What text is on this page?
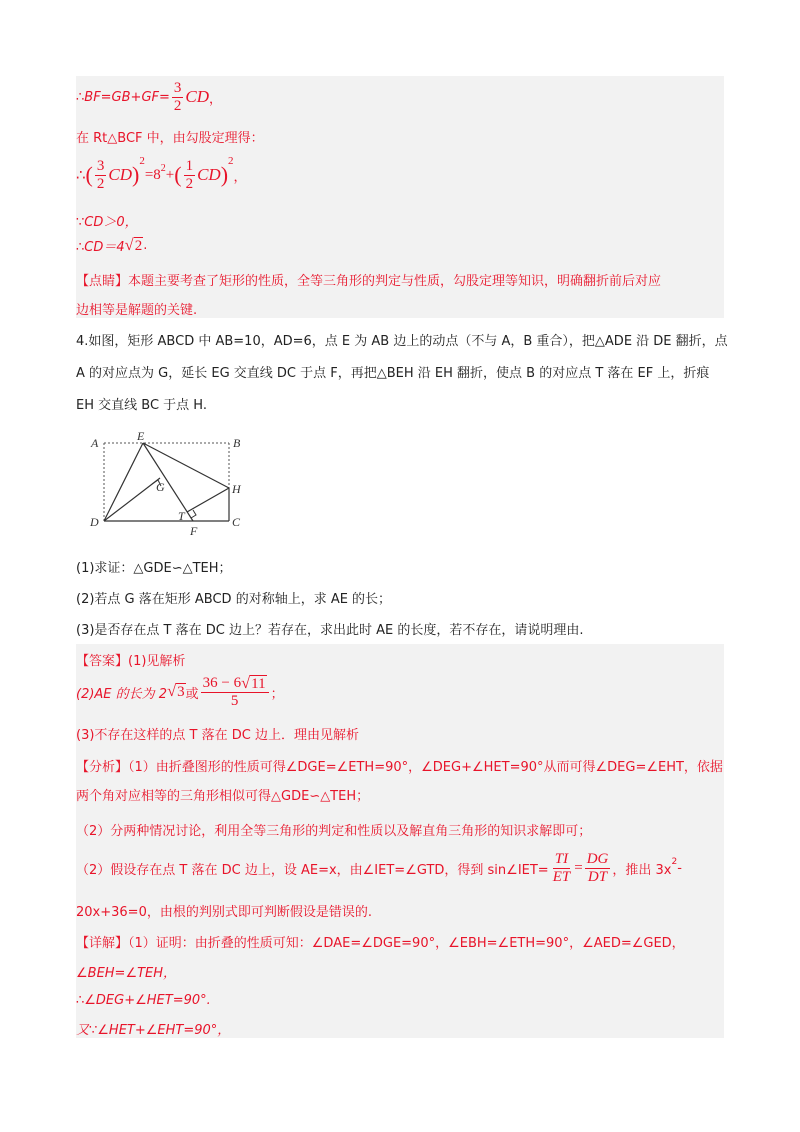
∴BF=GB+GF= $\frac{3}{2}$ CD ，
在 Rt△BCF 中，由勾股定理得：
∴ ( $\frac{3}{2}$ CD )
2
=8 2 + ( $\frac{1}{2}$ CD )
2
，
∵CD＞0，
∴CD＝4 √ 2 .
【点睛】本题主要考查了矩形的性质，全等三角形的判定与性质，勾股定理等知识，明确翻折前后对应
边相等是解题的关键.
4.如图，矩形 ABCD 中 AB=10，AD=6，点 E 为 AB 边上的动点（不与 A，B 重合），把△ADE 沿 DE 翻折，点
A 的对应点为 G，延长 EG 交直线 DC 于点 F，再把△BEH 沿 EH 翻折，使点 B 的对应点 T 落在 EF 上，折痕
EH 交直线 BC 于点 H.
A	E	B
G	H
T
D
F
C
(1)求证：△GDE∽△TEH；
(2)若点 G 落在矩形 ABCD 的对称轴上，求 AE 的长；
(3)是否存在点 T 落在 DC 边上？若存在，求出此时 AE 的长度，若不存在，请说明理由.
【答案】(1)见解析
(2)AE 的长为 2 √ 3 或 $\frac{36 - 6 √ 11}{5}$ ；
(3)不存在这样的点 T 落在 DC 边上．理由见解析
【分析】（1）由折叠图形的性质可得∠DGE=∠ETH=90°，∠DEG+∠HET=90°从而可得∠DEG=∠EHT，依据
两个角对应相等的三角形相似可得△GDE∽△TEH；
（2）分两种情况讨论，利用全等三角形的判定和性质以及解直角三角形的知识求解即可；
（2）假设存在点 T 落在 DC 边上，设 AE=x，由∠IET=∠GTD，得到 sin∠IET= $\frac{TI}{ET} = \frac{DG}{DT}$ ，推出 3x
2 -
20x+36=0，由根的判别式即可判断假设是错误的.
【详解】（1）证明：由折叠的性质可知：∠DAE=∠DGE=90°，∠EBH=∠ETH=90°，∠AED=∠GED，
∠BEH=∠TEH，
∴∠DEG+∠HET=90°.
又∵∠HET+∠EHT=90°，
